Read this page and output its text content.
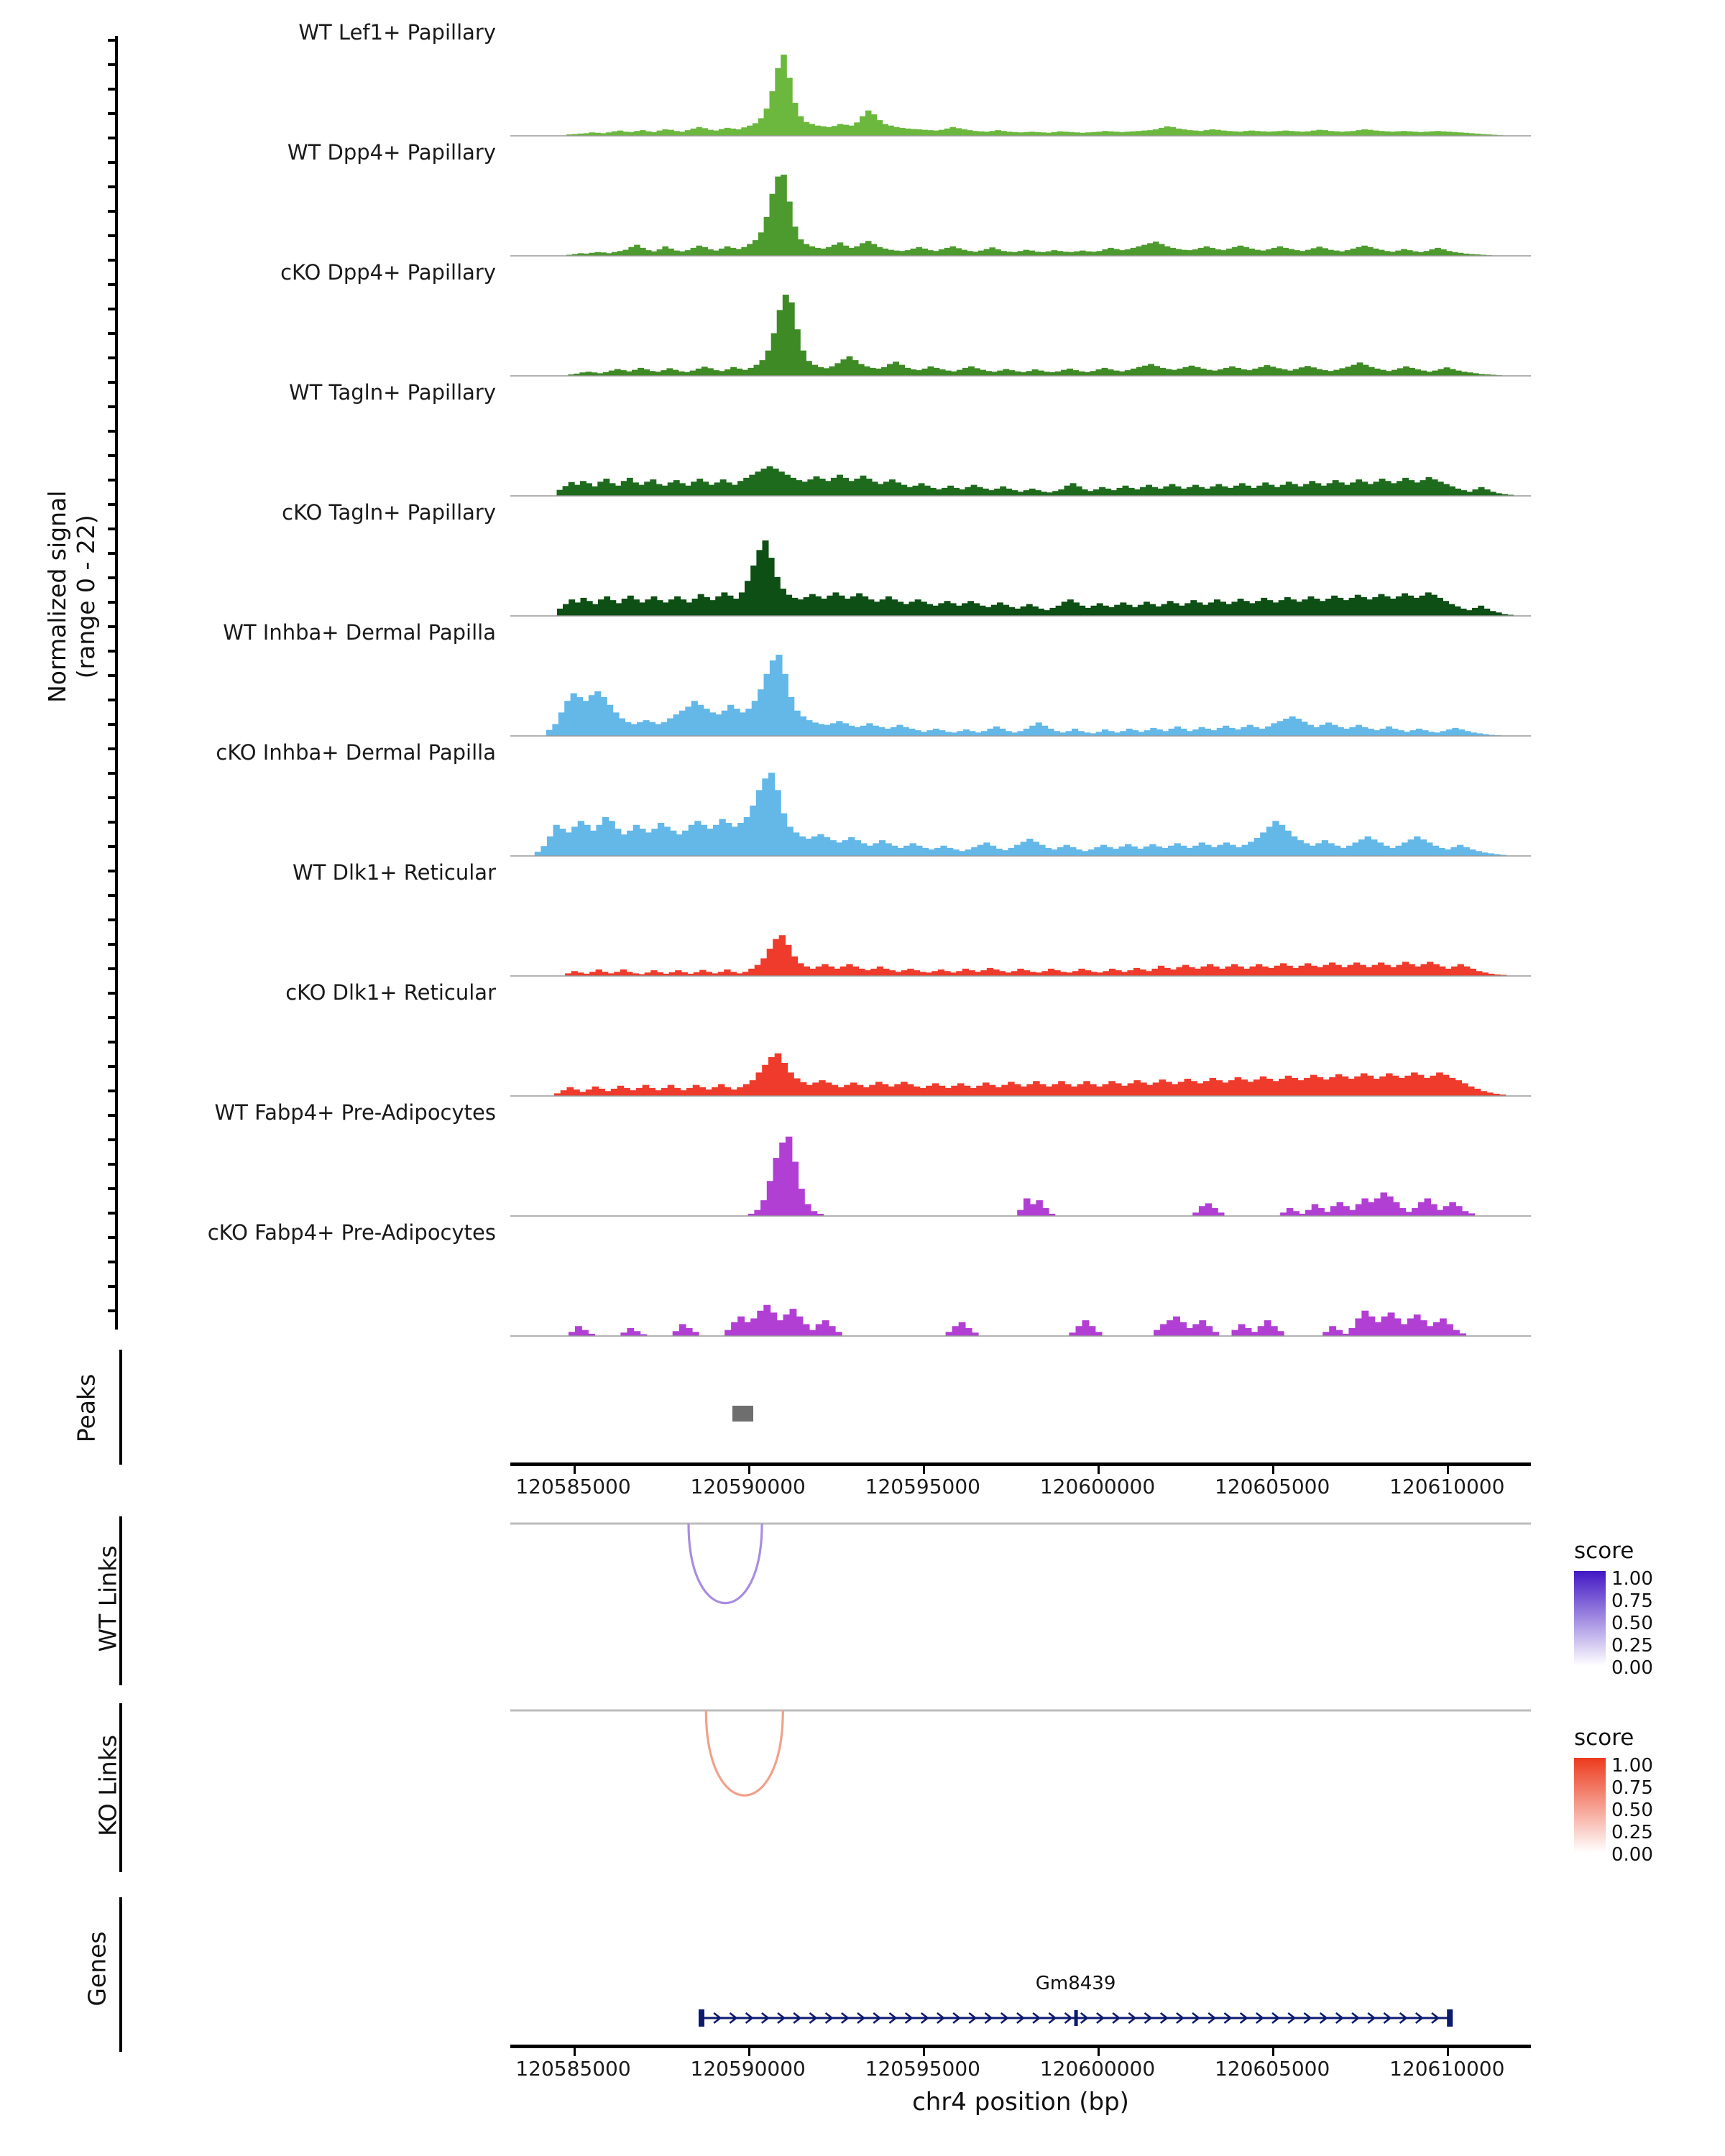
Normalized signal (range 0 - 22)
WT Lef1+ Papillary
WT Dpp4+ Papillary
cKO Dpp4+ Papillary
WT Tagln+ Papillary
cKO Tagln+ Papillary
WT Inhba+ Dermal Papilla
cKO Inhba+ Dermal Papilla
WT Dlk1+ Reticular
cKO Dlk1+ Reticular
WT Fabp4+ Pre-Adipocytes
cKO Fabp4+ Pre-Adipocytes
Peaks
120585000	120590000	120595000	120600000	120605000	120610000
WT Links
KO Links
Genes	Gm8439
120585000	120590000	120595000	120600000	120605000	120610000
chr4 position (bp)
score
1.00
0.75
0.50
0.25
0.00
score
1.00
0.75
0.50
0.25
0.00
